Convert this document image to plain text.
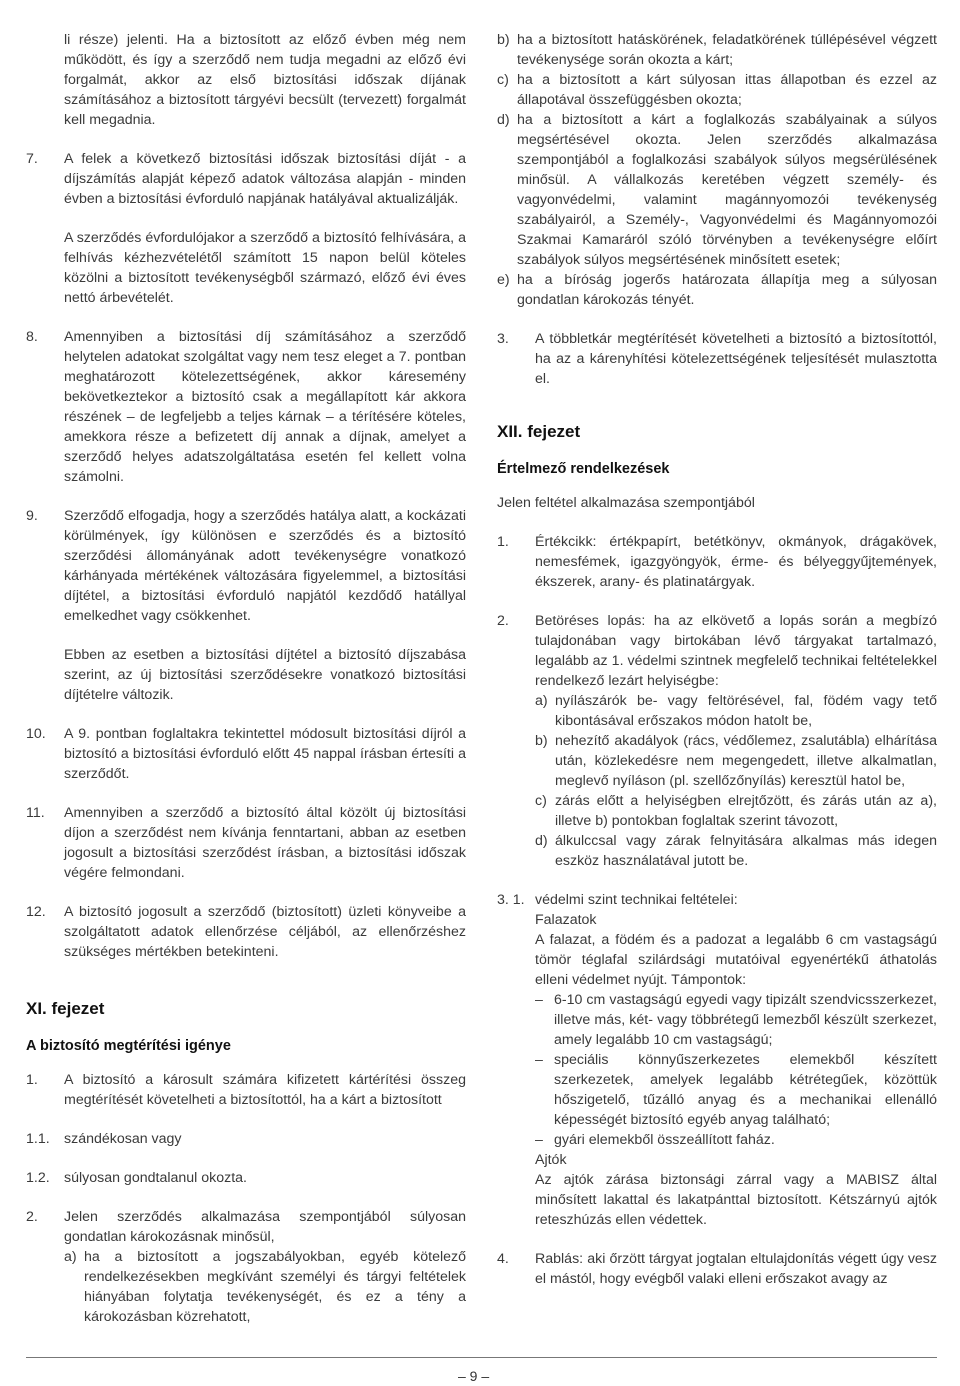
li része) jelenti. Ha a biztosított az előző évben még nem működött, és így a szerződő nem tudja megadni az előző évi forgalmát, akkor az első biztosítási időszak díjának számításához a biztosított tárgyévi becsült (tervezett) forgalmát kell megadnia.

7.	A felek a következő biztosítási időszak biztosítási díját - a díjszámítás alapját képező adatok változása alapján - minden évben a biztosítási évforduló napjának hatályával aktualizálják.

A szerződés évfordulójakor a szerződő a biztosító felhívására, a felhívás kézhezvételétől számított 15 napon belül köteles közölni a biztosított tevékenységből származó, előző évi éves nettó árbevételét.

8.	Amennyiben a biztosítási díj számításához a szerződő helytelen adatokat szolgáltat vagy nem tesz eleget a 7. pontban meghatározott kötelezettségének, akkor káresemény bekövetkeztekor a biztosító csak a megállapított kár akkora részének – de legfeljebb a teljes kárnak – a térítésére köteles, amekkora része a befizetett díj annak a díjnak, amelyet a szerződő helyes adatszolgáltatása esetén fel kellett volna számolni.
9.	Szerződő elfogadja, hogy a szerződés hatálya alatt, a kockázati körülmények, így különösen e szerződés és a biztosító szerződési állományának adott tevékenységre vonatkozó kárhányada mértékének változására figyelemmel, a biztosítási díjtétel, a biztosítási évforduló napjától kezdődő hatállyal emelkedhet vagy csökkenhet.

Ebben az esetben a biztosítási díjtétel a biztosító díjszabása szerint, az új biztosítási szerződésekre vonatkozó biztosítási díjtételre változik.

10.	A 9. pontban foglaltakra tekintettel módosult biztosítási díjról a biztosító a biztosítási évforduló előtt 45 nappal írásban értesíti a szerződőt.
11.	Amennyiben a szerződő a biztosító által közölt új biztosítási díjon a szerződést nem kívánja fenntartani, abban az esetben jogosult a biztosítási szerződést írásban, a biztosítási időszak végére felmondani.
12.	A biztosító jogosult a szerződő (biztosított) üzleti könyveibe a szolgáltatott adatok ellenőrzése céljából, az ellenőrzéshez szükséges mértékben betekinteni.

XI. fejezet

A biztosító megtérítési igénye

1.	A biztosító a károsult számára kifizetett kártérítési összeg megtérítését követelheti a biztosítottól, ha a kárt a biztosított
1.1.	szándékosan vagy
1.2.	súlyosan gondtalanul okozta.
2.	Jelen szerződés alkalmazása szempontjából súlyosan gondatlan károkozásnak minősül,
a) ha a biztosított a jogszabályokban, egyéb kötelező rendelkezésekben megkívánt személyi és tárgyi feltételek hiányában folytatja tevékenységét, és ez a tény a károkozásban közrehatott,
b) ha a biztosított hatáskörének, feladatkörének túllépésével végzett tevékenysége során okozta a kárt;
c) ha a biztosított a kárt súlyosan ittas állapotban és ezzel az állapotával összefüggésben okozta;
d) ha a biztosított a kárt a foglalkozás szabályainak a súlyos megsértésével okozta. Jelen szerződés alkalmazása szempontjából a foglalkozási szabályok súlyos megsérülésének minősül. A vállalkozás keretében végzett személy- és vagyonvédelmi, valamint magánnyomozói tevékenység szabályairól, a Személy-, Vagyonvédelmi és Magánnyomozói Szakmai Kamaráról szóló törvényben a tevékenységre előírt szabályok súlyos megsértésének minősített esetek;
e) ha a bíróság jogerős határozata állapítja meg a súlyosan gondatlan károkozás tényét.
3.	A többletkár megtérítését követelheti a biztosító a biztosítottól, ha az a kárenyhítési kötelezettségének teljesítését mulasztotta el.

XII. fejezet

Értelmező rendelkezések

Jelen feltétel alkalmazása szempontjából

1.	Értékcikk: értékpapírt, betétkönyv, okmányok, drágakövek, nemesfémek, igazgyöngyök, érme- és bélyeggyűjtemények, ékszerek, arany- és platinatárgyak.
2.	Betöréses lopás: ha az elkövető a lopás során a megbízó tulajdonában vagy birtokában lévő tárgyakat tartalmazó, legalább az 1. védelmi szintnek megfelelő technikai feltételekkel rendelkező lezárt helyiségbe:
a) nyílászárók be- vagy feltörésével, fal, födém vagy tető kibontásával erőszakos módon hatolt be,
b) nehezítő akadályok (rács, védőlemez, zsalutábla) elhárítása után, közlekedésre nem megengedett, illetve alkalmatlan, meglevő nyíláson (pl. szellőzőnyílás) keresztül hatol be,
c) zárás előtt a helyiségben elrejtőzött, és zárás után az a), illetve b) pontokban foglaltak szerint távozott,
d) álkulccsal vagy zárak felnyitására alkalmas más idegen eszköz használatával jutott be.
3. 1. védelmi szint technikai feltételei:

Falazatok

A falazat, a födém és a padozat a legalább 6 cm vastagságú tömör téglafal szilárdsági mutatóival egyenértékű áthatolás elleni védelmet nyújt. Támpontok:

– 6-10 cm vastagságú egyedi vagy tipizált szendvicsszerkezet, illetve más, két- vagy többrétegű lemezből készült szerkezet, amely legalább 10 cm vastagságú;
– speciális könnyűszerkezetes elemekből készített szerkezetek, amelyek legalább kétrétegűek, közöttük hőszigetelő, tűzálló anyag és a mechanikai ellenálló képességét biztosító egyéb anyag található;
– gyári elemekből összeállított faház.

Ajtók

Az ajtók zárása biztonsági zárral vagy a MABISZ által minősített lakattal és lakatpánttal biztosított. Kétszárnyú ajtók reteszhúzás ellen védettek.

4.	Rablás: aki őrzött tárgyat jogtalan eltulajdonítás végett úgy vesz el mástól, hogy evégből valaki elleni erőszakot avagy az
– 9 –
